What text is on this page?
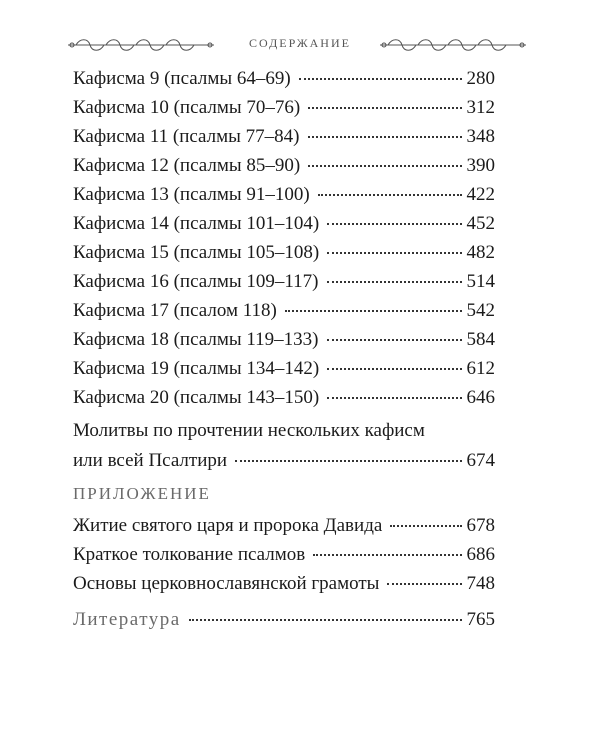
СОДЕРЖАНИЕ
Кафисма 9 (псалмы 64–69)	280
Кафисма 10 (псалмы 70–76)	312
Кафисма 11 (псалмы 77–84)	348
Кафисма 12 (псалмы 85–90)	390
Кафисма 13 (псалмы 91–100)	422
Кафисма 14 (псалмы 101–104)	452
Кафисма 15 (псалмы 105–108)	482
Кафисма 16 (псалмы 109–117)	514
Кафисма 17 (псалом 118)	542
Кафисма 18 (псалмы 119–133)	584
Кафисма 19 (псалмы 134–142)	612
Кафисма 20 (псалмы 143–150)	646
Молитвы по прочтении нескольких кафисм
или всей Псалтири	674
ПРИЛОЖЕНИЕ
Житие святого царя и пророка Давида	678
Краткое толкование псалмов	686
Основы церковнославянской грамоты	748
Литература	765
